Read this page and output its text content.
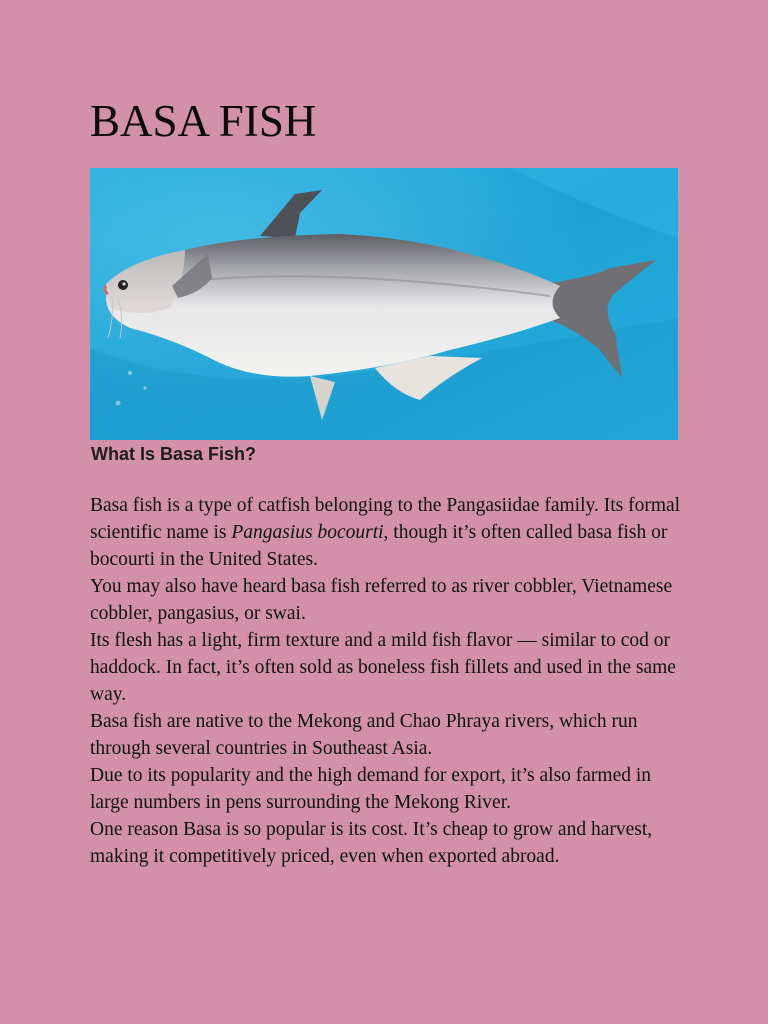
BASA FISH
What Is Basa Fish?

Basa fish is a type of catfish belonging to the Pangasiidae family. Its formal scientific name is Pangasius bocourti, though it’s often called basa fish or bocourti in the United States.

You may also have heard basa fish referred to as river cobbler, Vietnamese cobbler, pangasius, or swai.

Its flesh has a light, firm texture and a mild fish flavor — similar to cod or haddock. In fact, it’s often sold as boneless fish fillets and used in the same way.

Basa fish are native to the Mekong and Chao Phraya rivers, which run through several countries in Southeast Asia.

Due to its popularity and the high demand for export, it’s also farmed in large numbers in pens surrounding the Mekong River.

One reason Basa is so popular is its cost. It’s cheap to grow and harvest, making it competitively priced, even when exported abroad.
